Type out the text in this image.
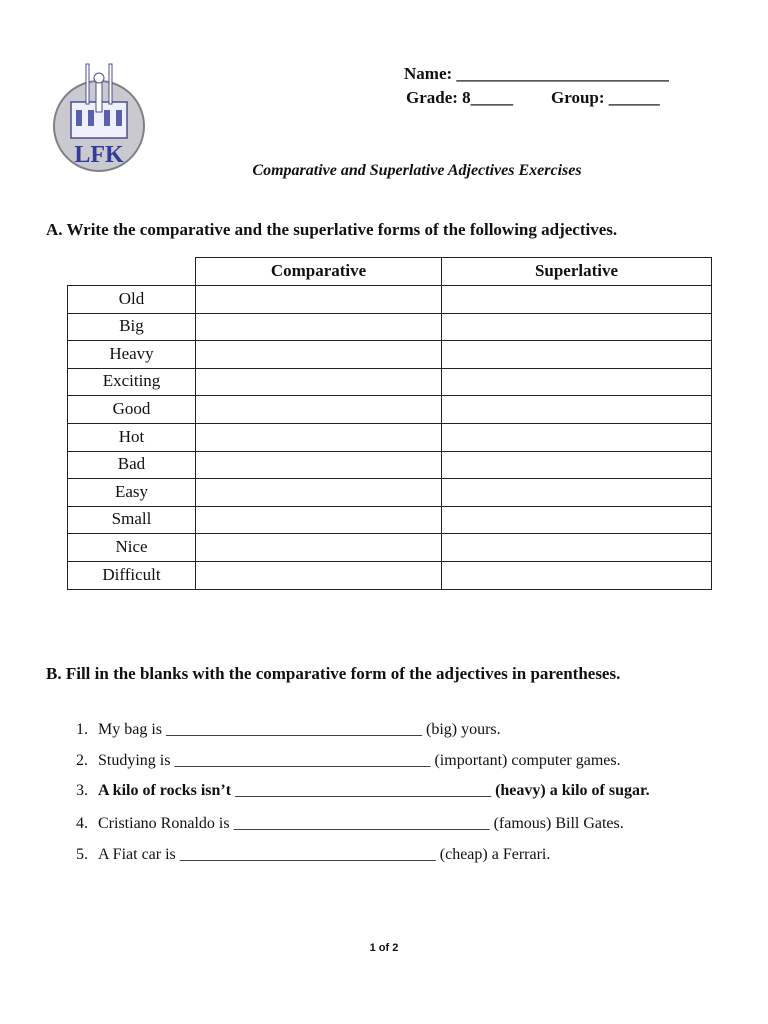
LFK
Name: _________________________
Grade: 8_____ Group: ______
Comparative and Superlative Adjectives Exercises
A. Write the comparative and the superlative forms of the following adjectives.
Comparative	Superlative
Old
Big
Heavy
Exciting
Good
Hot
Bad
Easy
Small
Nice
Difficult
B. Fill in the blanks with the comparative form of the adjectives in parentheses.

1. My bag is ________________________________ (big) yours.

2. Studying is ________________________________ (important) computer games.

3. A kilo of rocks isn’t ________________________________ (heavy) a kilo of sugar.

4. Cristiano Ronaldo is ________________________________ (famous) Bill Gates.

5. A Fiat car is ________________________________ (cheap) a Ferrari.

1 of 2
